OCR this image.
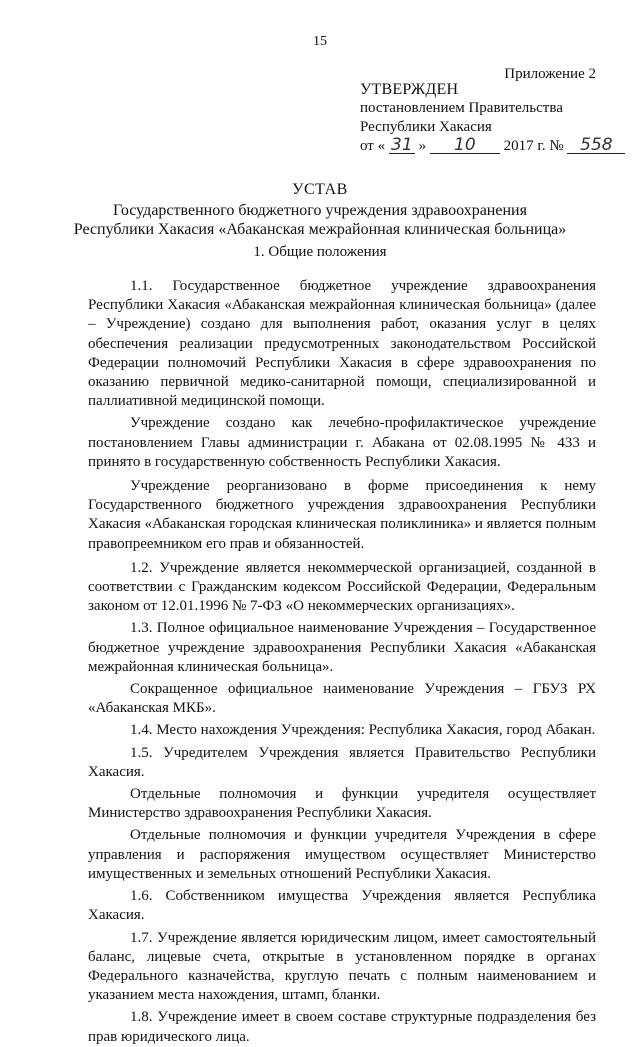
15
Приложение 2
УТВЕРЖДЕН
постановлением Правительства
Республики Хакасия
от « 31 » 10 2017 г. № 558
УСТАВ
Государственного бюджетного учреждения здравоохранения
Республики Хакасия «Абаканская межрайонная клиническая больница»
1. Общие положения

1.1. Государственное бюджетное учреждение здравоохранения Республики Хакасия «Абаканская межрайонная клиническая больница» (далее – Учреждение) создано для выполнения работ, оказания услуг в целях обеспечения реализации предусмотренных законодательством Российской Федерации полномочий Республики Хакасия в сфере здравоохранения по оказанию первичной медико-санитарной помощи, специализированной и паллиативной медицинской помощи.

Учреждение создано как лечебно-профилактическое учреждение постановлением Главы администрации г. Абакана от 02.08.1995 № 433 и принято в государственную собственность Республики Хакасия.

Учреждение реорганизовано в форме присоединения к нему Государственного бюджетного учреждения здравоохранения Республики Хакасия «Абаканская городская клиническая поликлиника» и является полным правопреемником его прав и обязанностей.

1.2. Учреждение является некоммерческой организацией, созданной в соответствии с Гражданским кодексом Российской Федерации, Федеральным законом от 12.01.1996 № 7-ФЗ «О некоммерческих организациях».

1.3. Полное официальное наименование Учреждения – Государственное бюджетное учреждение здравоохранения Республики Хакасия «Абаканская межрайонная клиническая больница».

Сокращенное официальное наименование Учреждения – ГБУЗ РХ «Абаканская МКБ».

1.4. Место нахождения Учреждения: Республика Хакасия, город Абакан.

1.5. Учредителем Учреждения является Правительство Республики Хакасия.

Отдельные полномочия и функции учредителя осуществляет Министерство здравоохранения Республики Хакасия.

Отдельные полномочия и функции учредителя Учреждения в сфере управления и распоряжения имуществом осуществляет Министерство имущественных и земельных отношений Республики Хакасия.

1.6. Собственником имущества Учреждения является Республика Хакасия.

1.7. Учреждение является юридическим лицом, имеет самостоятельный баланс, лицевые счета, открытые в установленном порядке в органах Федерального казначейства, круглую печать с полным наименованием и указанием места нахождения, штамп, бланки.

1.8. Учреждение имеет в своем составе структурные подразделения без прав юридического лица.
